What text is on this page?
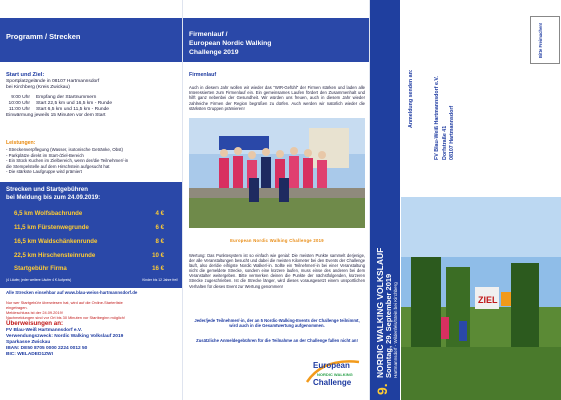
Programm / Strecken
Start und Ziel:
Sportplatzgelände in 08107 Hartmannsdorf
bei Kirchberg (Kreis Zwickau)
9:00 Uhr	Empfang der Startnummern
10:00 Uhr	Start 22,5 km und 16,5 km - Runde
11:00 Uhr	Start 6,5 km und 11,5 km - Runde
Einwärmung jeweils 15 Minuten vor dem Start
Leistungen:
- Streckenverpflegung (Wasser, isotonische Getränke, Obst)
- Parkplätze direkt im Start-/Ziel-Bereich
- Ein Stück Kuchen im Zielbereich, wenn der/die Teilnehmer/-in
die Stempelstelle auf dem Hirschstein aufgesucht hat
- Die stärkste Laufgruppe wird prämiert
Strecken und Startgebühren
bei Meldung bis zum 24.09.2019:
6,5 km Wolfsbachrunde	4 €
11,5 km Fürstenwegrunde	6 €
16,5 km Waldschänkenrunde	8 €
22,5 km Hirschensteinrunde	10 €
Startgebühr Firma	16 €
(4 Läufer, jeder weitere Läufer 4 € Aufpreis)	Kinder bis 12 Jahre frei!
Alle Strecken einsehbar auf www.blau-weiss-hartmannsdorf.de
Nur wer Startgebühr überwiesen hat, wird auf die Online-Starterliste
eingetragen.
Meldeschluss ist der 24.09.2019!
Nachmeldungen sind vor Ort bis 30 Minuten vor Startbeginn möglich!
Überweisungen an:
FV Blau-Weiß Hartmannsdorf e.V.
Verwendungszweck: Nordic Walking Volkslauf 2019
Sparkasse Zwickau
IBAN: DE50 8705 0000 2224 0012 50
BIC: WELADED1ZWI
Firmenlauf /
European Nordic Walking
Challenge 2019
Firmenlauf
Auch in diesem Jahr wollen wir wieder das "WIR-Gefühl" der Firmen stärken und laden alle Interessierten zum Firmenlauf ein. Ein gemeinsames Laufen fördert den Zusammenhalt und hilft ganz nebenbei der Gesundheit. Wir würden uns freuen, auch in diesem Jahr wieder zahlreiche Firmen der Region begrüßen zu dürfen. Auch werden wir natürlich wieder die stärksten Gruppen prämieren!
European Nordic Walking Challenge 2019
Wertung: Das Punktesystem ist so einfach wie genial: Die meisten Punkte sammelt derjenige, der alle Veranstaltungen besucht und dabei die meisten Kilometer bei den Events der Challenge läuft, also der/die eifrigste Nordic Walker/-in. Sollte ein Teilnehmer/-in bei einer Veranstaltung nicht die gemeldete Strecke, sondern eine kürzere laufen, muss einse des anderen bei dem Veranstalter weitergeben. Bitte vermerken deinen die Punkte der nächstfolgenden, kürzeren Strecke zugeschrieben. Ist die Strecke länger, wird dieses vorausgesetzt einem unsportlichen Verhalten für dieses Event zur Wertung genommen!
Jeder/jede Teilnehmer/-in, der an 5 Nordic-Walking-Events der Challenge teilnimmt, wird auch in die Gesamtwertung aufgenommen.
Zusätzliche Anmeldegebühren für die Teilnahme an der Challenge fallen nicht an!
European
NORDIC WALKING
Challenge
9.
NORDIC WALKING VOLKSLAUF Sonntag, 29. September 2019 Hartmannsdorf - Wildenfels/Stein bei Kirchberg	ZIEL
FV Blau-Weiß Hartmannsdorf e.V. Dorfstraße 41 08107 Hartmannsdorf
Anmeldung senden an:
Bitte Freimachen!
